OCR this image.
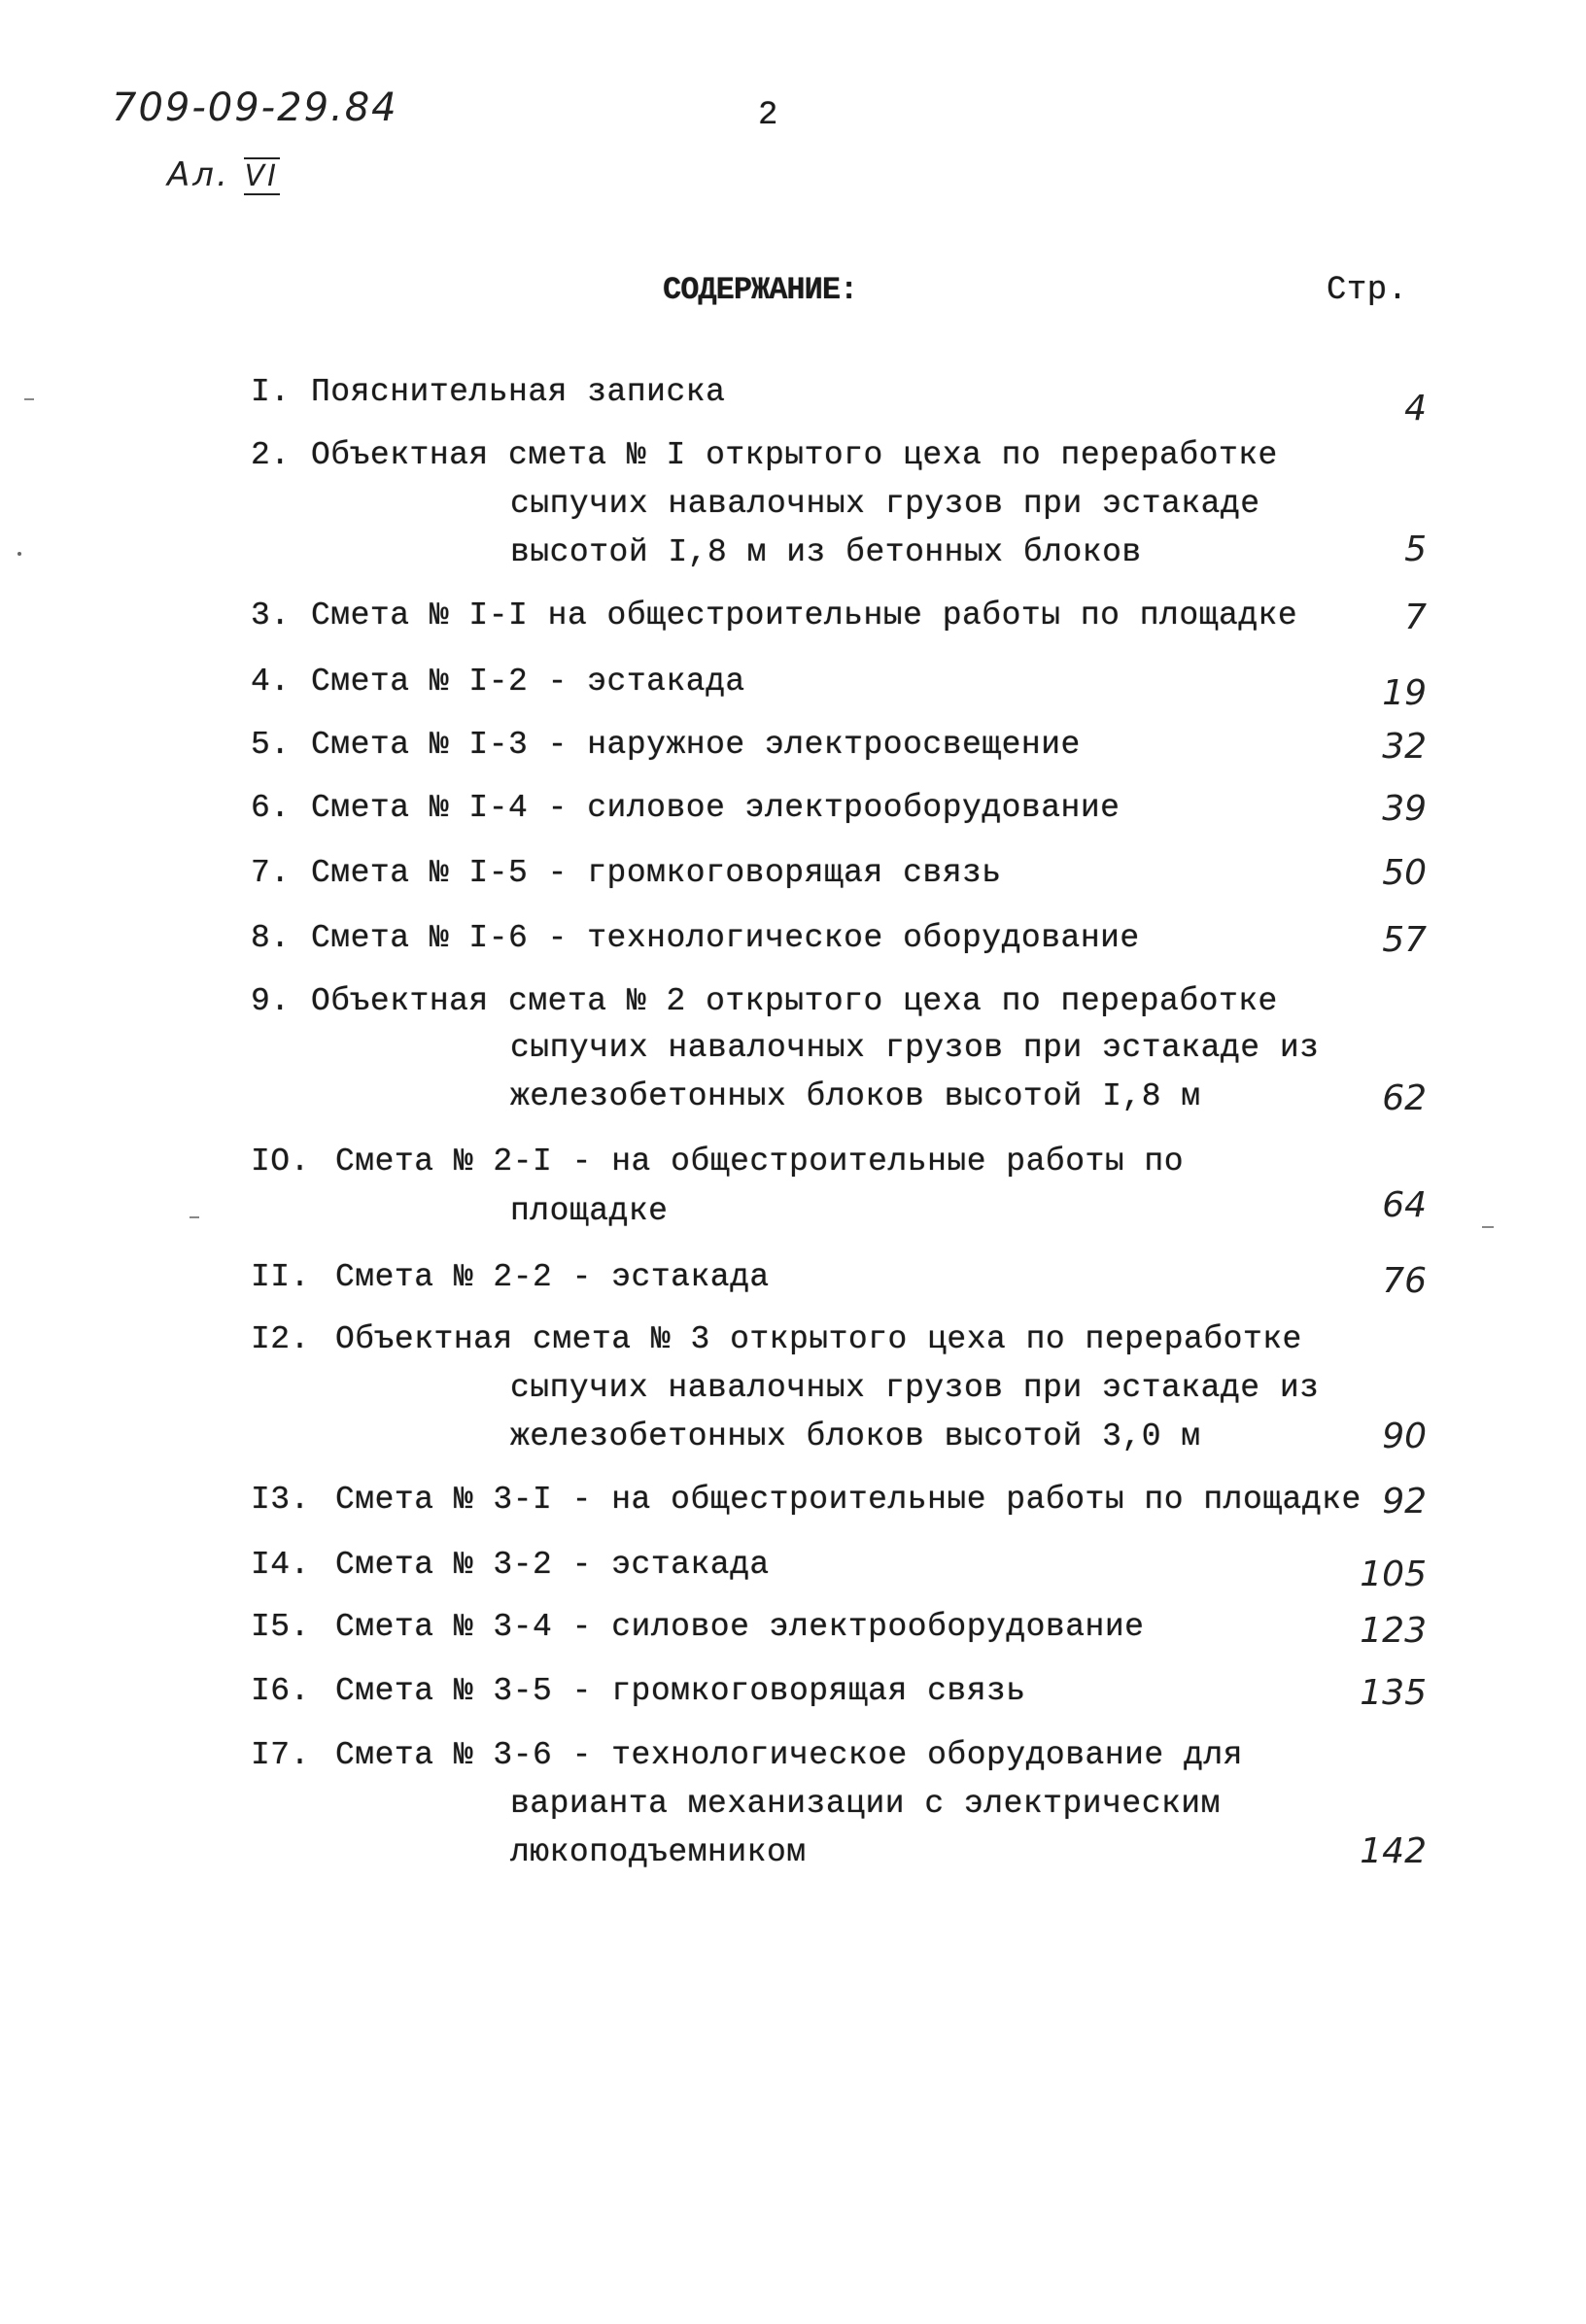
709-09-29.84
Ал. VI
2
СОДЕРЖАНИЕ:	Стр.
I. Пояснительная записка	4
2. Объектная смета № I открытого цеха по переработке
сыпучих навалочных грузов при эстакаде
высотой I,8 м из бетонных блоков	5
3. Смета № I-I на общестроительные работы по площадке	7
4. Смета № I-2 - эстакада	19
5. Смета № I-3 - наружное электроосвещение	32
6. Смета № I-4 - силовое электрооборудование	39
7. Смета № I-5 - громкоговорящая связь	50
8. Смета № I-6 - технологическое оборудование	57
9. Объектная смета № 2 открытого цеха по переработке
сыпучих навалочных грузов при эстакаде из
железобетонных блоков высотой I,8 м	62
IO. Смета № 2-I - на общестроительные работы по
площадке	64
II. Смета № 2-2 - эстакада	76
I2. Объектная смета № 3 открытого цеха по переработке
сыпучих навалочных грузов при эстакаде из
железобетонных блоков высотой 3,0 м	90
I3. Смета № 3-I - на общестроительные работы по площадке 92
I4. Смета № 3-2 - эстакада	105
I5. Смета № 3-4 - силовое электрооборудование	123
I6. Смета № 3-5 - громкоговорящая связь	135
I7. Смета № 3-6 - технологическое оборудование для
варианта механизации с электрическим
люкоподъемником	142
